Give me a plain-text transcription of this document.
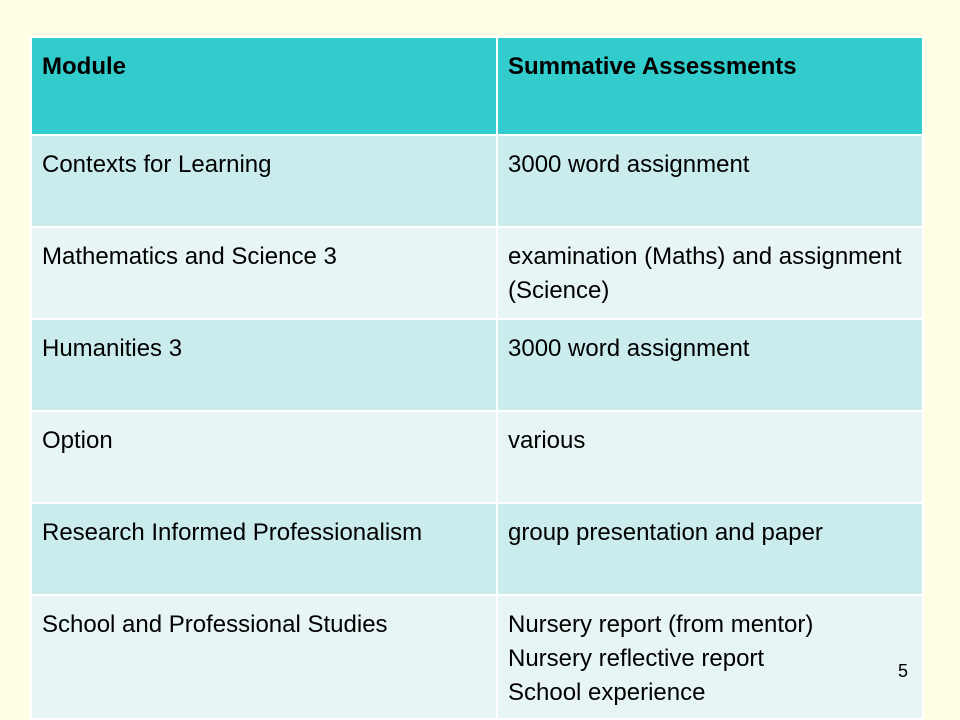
Module	Summative Assessments

Contexts for Learning	3000 word assignment

Mathematics and Science 3	examination (Maths) and assignment (Science)

Humanities 3	3000 word assignment

Option	various

Research Informed Professionalism	group presentation and paper

School and Professional Studies	Nursery report (from mentor)
Nursery reflective report
School experience
5
